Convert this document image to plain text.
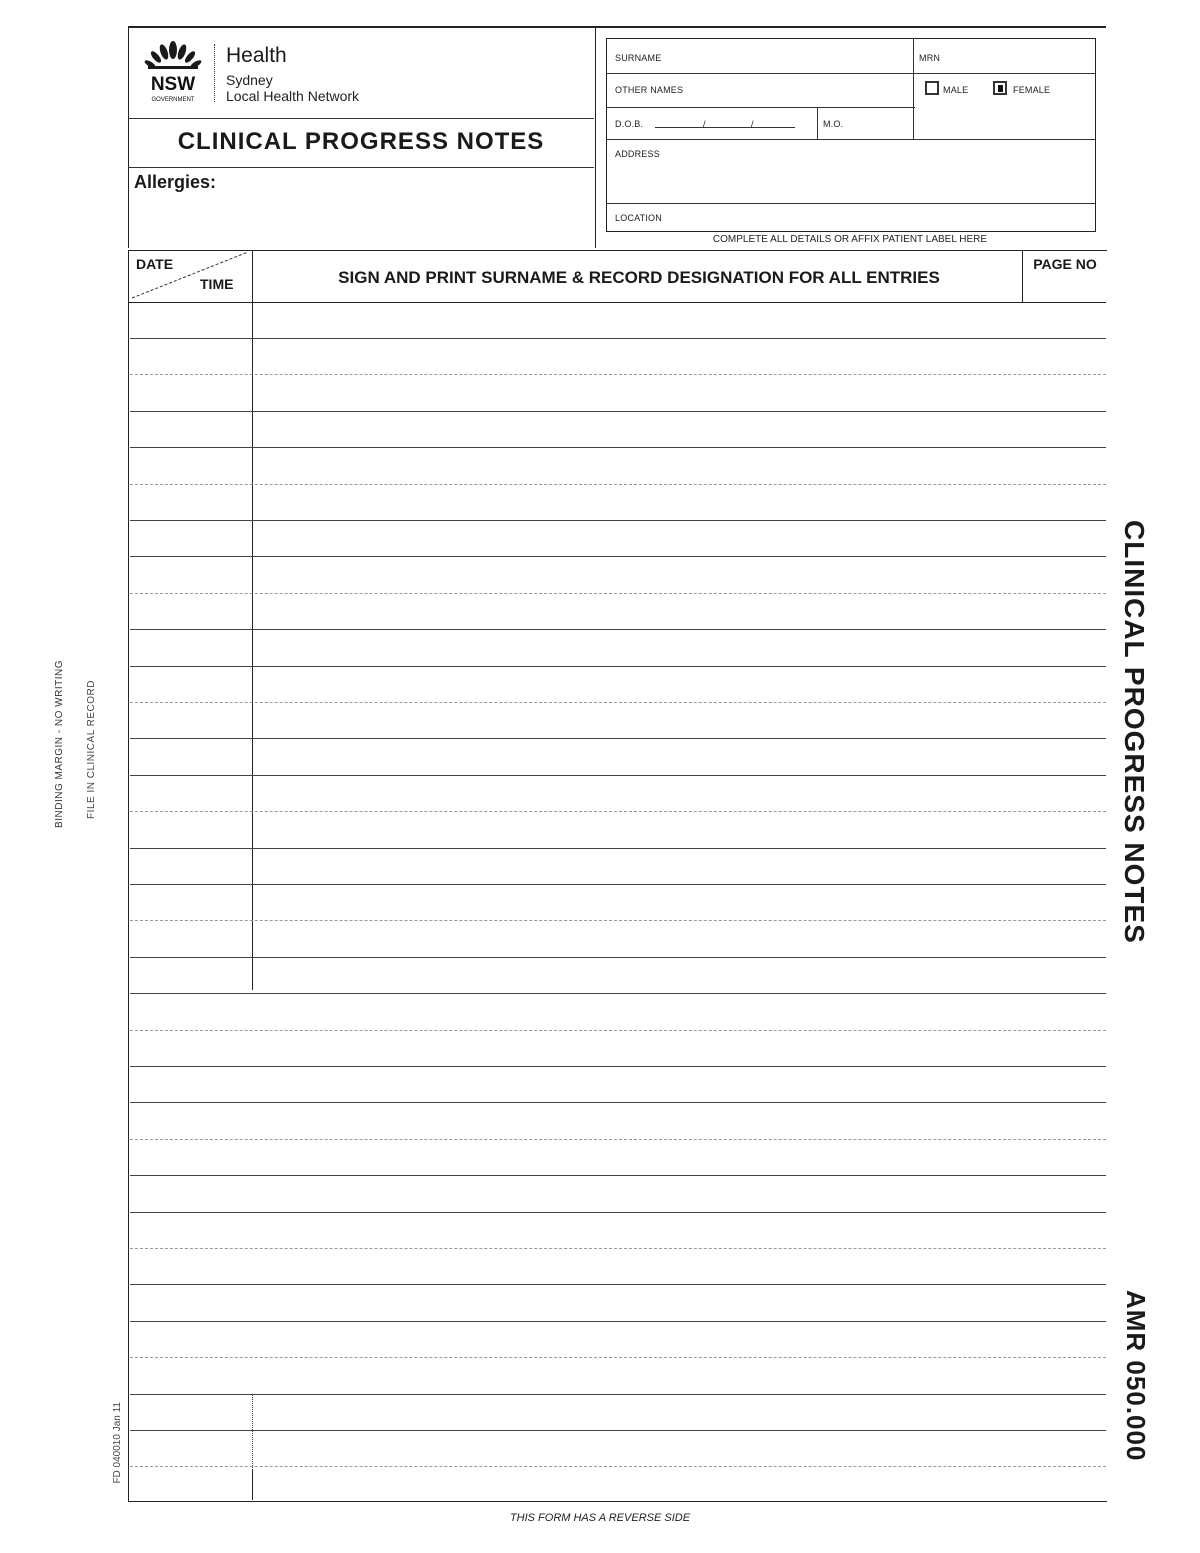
NSW
GOVERNMENT
Health
Sydney
Local Health Network
CLINICAL PROGRESS NOTES
Allergies:
SURNAME	MRN
OTHER NAMES	MALE	FEMALE
D.O.B.	/	/	M.O.
ADDRESS
LOCATION
COMPLETE ALL DETAILS OR AFFIX PATIENT LABEL HERE
DATE
TIME	SIGN AND PRINT SURNAME & RECORD DESIGNATION FOR ALL ENTRIES
PAGE NO
CLINICAL PROGRESS NOTES
AMR 050.000
BINDING MARGIN - NO WRITING FILE IN CLINICAL RECORD
FD 040010 Jan 11
THIS FORM HAS A REVERSE SIDE
